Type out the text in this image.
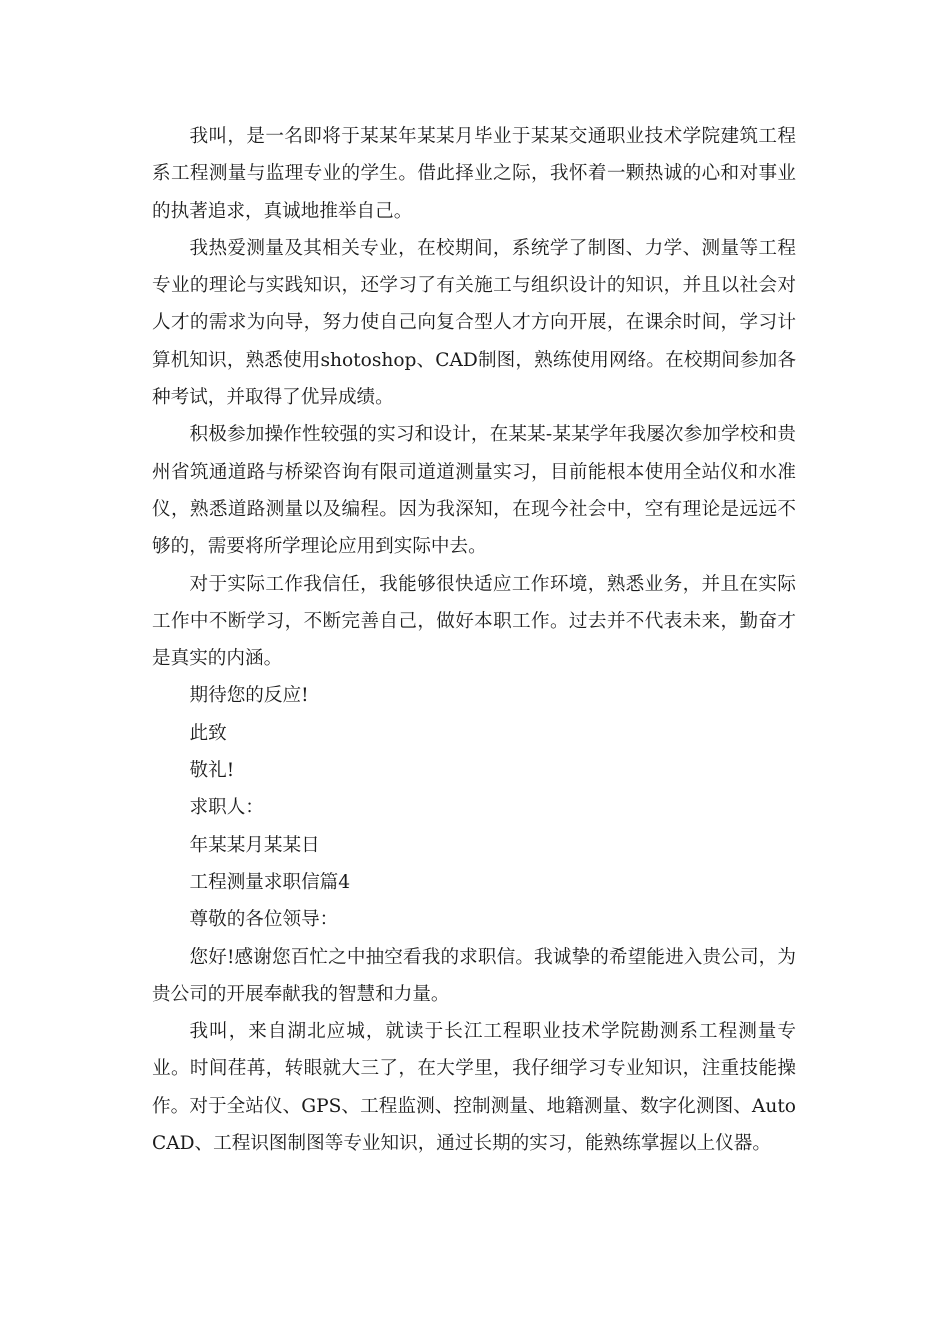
我叫，是一名即将于某某年某某月毕业于某某交通职业技术学院建筑工程系工程测量与监理专业的学生。借此择业之际，我怀着一颗热诚的心和对事业的执著追求，真诚地推举自己。

我热爱测量及其相关专业，在校期间，系统学了制图、力学、测量等工程专业的理论与实践知识，还学习了有关施工与组织设计的知识，并且以社会对人才的需求为向导，努力使自己向复合型人才方向开展，在课余时间，学习计算机知识，熟悉使用shotoshop、CAD制图，熟练使用网络。在校期间参加各种考试，并取得了优异成绩。

积极参加操作性较强的实习和设计，在某某-某某学年我屡次参加学校和贵州省筑通道路与桥梁咨询有限司道道测量实习，目前能根本使用全站仪和水准仪，熟悉道路测量以及编程。因为我深知，在现今社会中，空有理论是远远不够的，需要将所学理论应用到实际中去。

对于实际工作我信任，我能够很快适应工作环境，熟悉业务，并且在实际工作中不断学习，不断完善自己，做好本职工作。过去并不代表未来，勤奋才是真实的内涵。

期待您的反应!

此致

敬礼!

求职人：

年某某月某某日

工程测量求职信篇4

尊敬的各位领导：

您好!感谢您百忙之中抽空看我的求职信。我诚挚的希望能进入贵公司，为贵公司的开展奉献我的智慧和力量。

我叫，来自湖北应城，就读于长江工程职业技术学院勘测系工程测量专业。时间荏苒，转眼就大三了，在大学里，我仔细学习专业知识，注重技能操作。对于全站仪、GPS、工程监测、控制测量、地籍测量、数字化测图、AutoCAD、工程识图制图等专业知识，通过长期的实习，能熟练掌握以上仪器。
